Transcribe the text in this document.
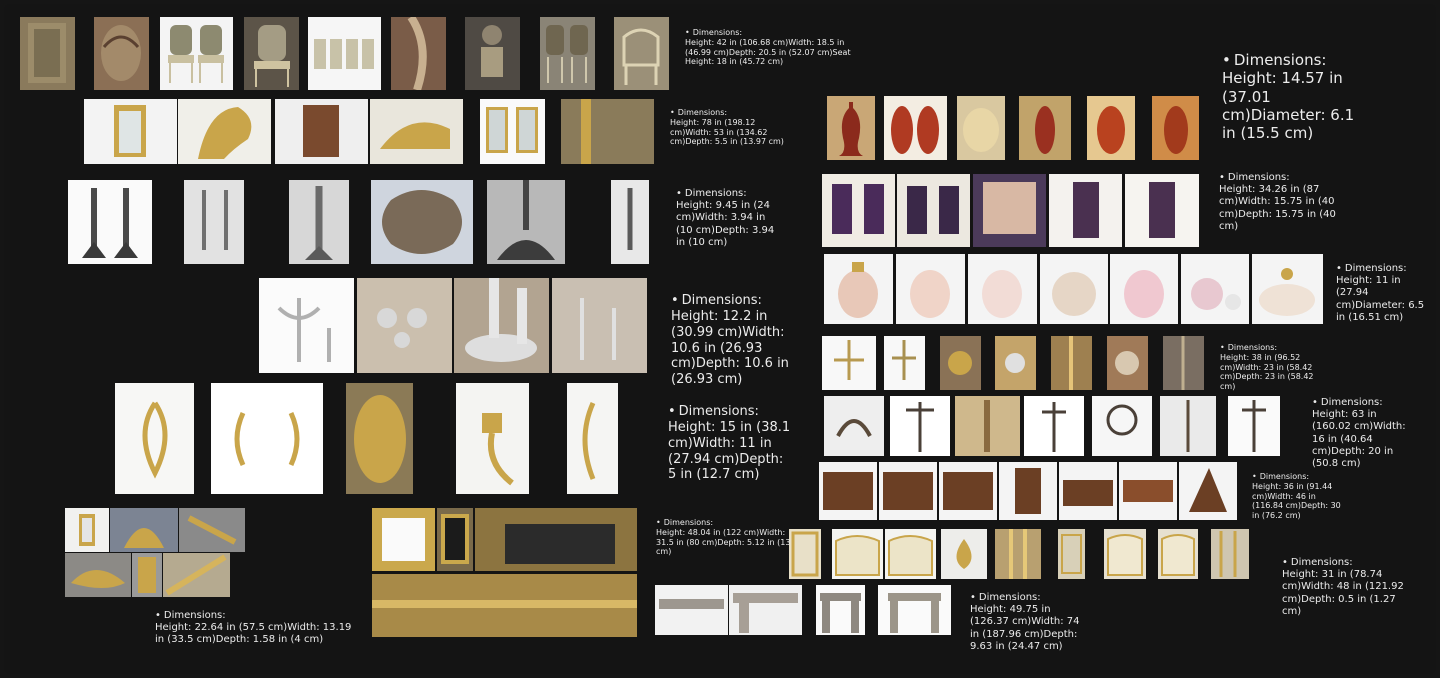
• Dimensions:
Height: 42 in (106.68 cm)Width: 18.5 in (46.99 cm)Depth: 20.5 in (52.07 cm)Seat Height: 18 in (45.72 cm)
• Dimensions:
Height: 78 in (198.12 cm)Width: 53 in (134.62 cm)Depth: 5.5 in (13.97 cm)
• Dimensions:
Height: 9.45 in (24 cm)Width: 3.94 in (10 cm)Depth: 3.94 in (10 cm)
• Dimensions:
Height: 12.2 in (30.99 cm)Width: 10.6 in (26.93 cm)Depth: 10.6 in (26.93 cm)
• Dimensions:
Height: 15 in (38.1 cm)Width: 11 in (27.94 cm)Depth: 5 in (12.7 cm)
• Dimensions:
Height: 22.64 in (57.5 cm)Width: 13.19 in (33.5 cm)Depth: 1.58 in (4 cm)
• Dimensions:
Height: 48.04 in (122 cm)Width: 31.5 in (80 cm)Depth: 5.12 in (13 cm)
• Dimensions:
Height: 49.75 in (126.37 cm)Width: 74 in (187.96 cm)Depth: 9.63 in (24.47 cm)
• Dimensions:
Height: 14.57 in (37.01 cm)Diameter: 6.1 in (15.5 cm)
• Dimensions:
Height: 34.26 in (87 cm)Width: 15.75 in (40 cm)Depth: 15.75 in (40 cm)
• Dimensions:
Height: 11 in (27.94 cm)Diameter: 6.5 in (16.51 cm)
• Dimensions:
Height: 38 in (96.52 cm)Width: 23 in (58.42 cm)Depth: 23 in (58.42 cm)
• Dimensions:
Height: 63 in (160.02 cm)Width: 16 in (40.64 cm)Depth: 20 in (50.8 cm)
• Dimensions:
Height: 36 in (91.44 cm)Width: 46 in (116.84 cm)Depth: 30 in (76.2 cm)
• Dimensions:
Height: 31 in (78.74 cm)Width: 48 in (121.92 cm)Depth: 0.5 in (1.27 cm)
